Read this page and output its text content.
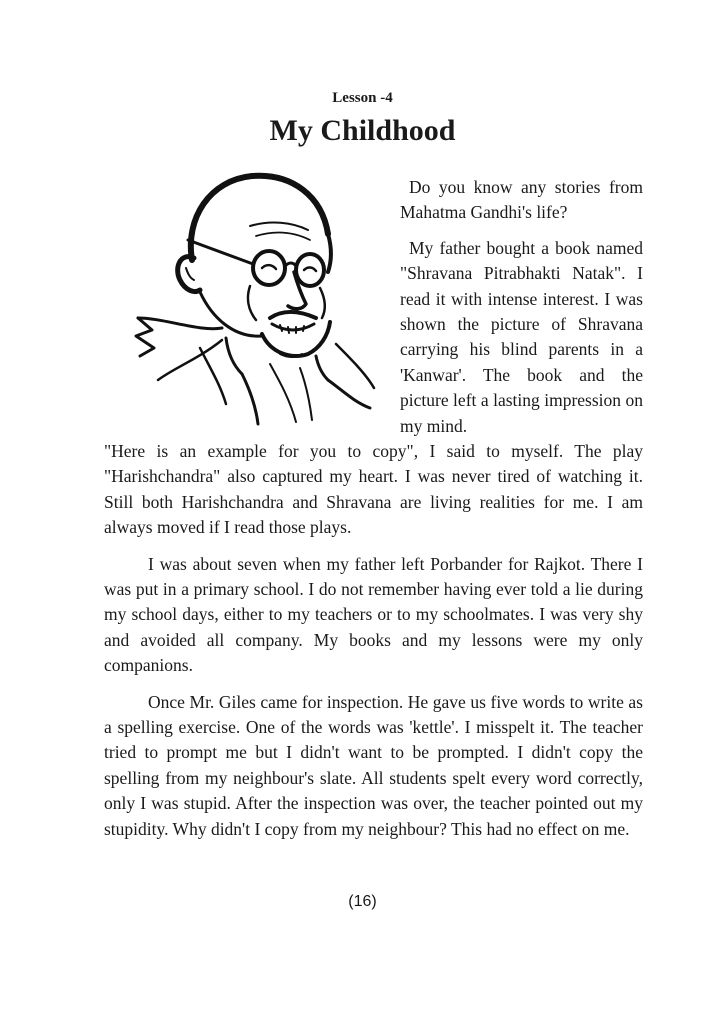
Lesson -4
My Childhood

Do you know any stories from Mahatma Gandhi's life?

My father bought a book named "Shravana Pitrabhakti Natak". I read it with intense interest. I was shown the picture of Shravana carrying his blind parents in a 'Kanwar'. The book and the picture left a lasting impression on my mind.

"Here is an example for you to copy", I said to myself. The play "Harishchandra" also captured my heart. I was never tired of watching it. Still both Harishchandra and Shravana are living realities for me. I am always moved if I read those plays.

I was about seven when my father left Porbander for Rajkot. There I was put in a primary school. I do not remember having ever told a lie during my school days, either to my teachers or to my schoolmates. I was very shy and avoided all company. My books and my lessons were my only companions.

Once Mr. Giles came for inspection. He gave us five words to write as a spelling exercise. One of the words was 'kettle'. I misspelt it. The teacher tried to prompt me but I didn't want to be prompted. I didn't copy the spelling from my neighbour's slate. All students spelt every word correctly, only I was stupid. After the inspection was over, the teacher pointed out my stupidity. Why didn't I copy from my neighbour? This had no effect on me.

(16)
